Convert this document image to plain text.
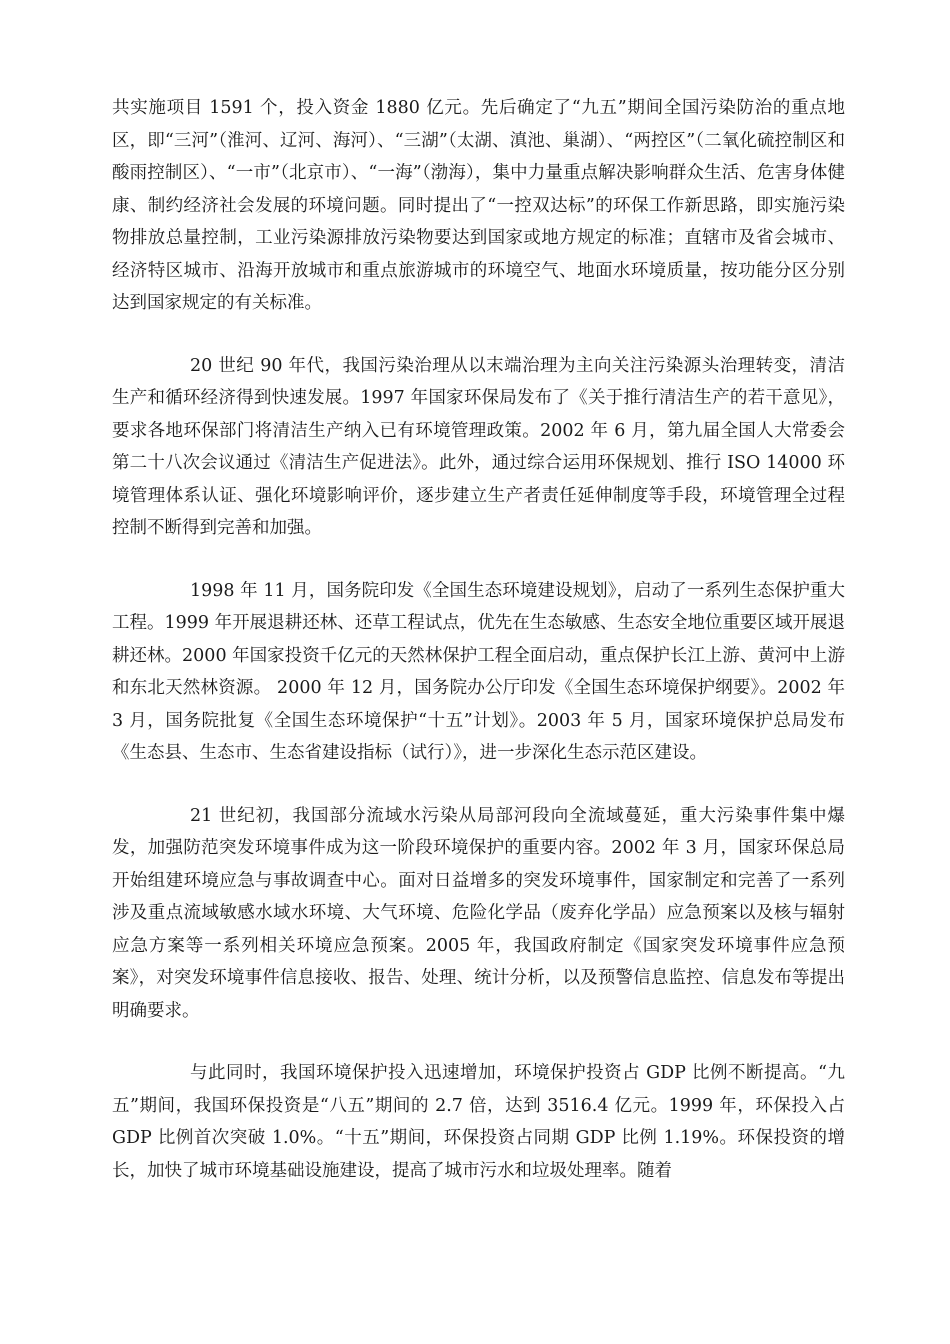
共实施项目 1591 个，投入资金 1880 亿元。先后确定了“九五”期间全国污染防治的重点地区，即“三河”（淮河、辽河、海河）、“三湖”（太湖、滇池、巢湖）、“两控区”（二氧化硫控制区和酸雨控制区）、“一市”（北京市）、“一海”（渤海），集中力量重点解决影响群众生活、危害身体健康、制约经济社会发展的环境问题。同时提出了“一控双达标”的环保工作新思路，即实施污染物排放总量控制，工业污染源排放污染物要达到国家或地方规定的标准；直辖市及省会城市、经济特区城市、沿海开放城市和重点旅游城市的环境空气、地面水环境质量，按功能分区分别达到国家规定的有关标准。

20 世纪 90 年代，我国污染治理从以末端治理为主向关注污染源头治理转变，清洁生产和循环经济得到快速发展。1997 年国家环保局发布了《关于推行清洁生产的若干意见》，要求各地环保部门将清洁生产纳入已有环境管理政策。2002 年 6 月，第九届全国人大常委会第二十八次会议通过《清洁生产促进法》。此外，通过综合运用环保规划、推行 ISO 14000 环境管理体系认证、强化环境影响评价，逐步建立生产者责任延伸制度等手段，环境管理全过程控制不断得到完善和加强。

1998 年 11 月，国务院印发《全国生态环境建设规划》，启动了一系列生态保护重大工程。1999 年开展退耕还林、还草工程试点，优先在生态敏感、生态安全地位重要区域开展退耕还林。2000 年国家投资千亿元的天然林保护工程全面启动，重点保护长江上游、黄河中上游和东北天然林资源。 2000 年 12 月，国务院办公厅印发《全国生态环境保护纲要》。2002 年 3 月，国务院批复《全国生态环境保护“十五”计划》。2003 年 5 月，国家环境保护总局发布《生态县、生态市、生态省建设指标（试行）》，进一步深化生态示范区建设。

21 世纪初，我国部分流域水污染从局部河段向全流域蔓延，重大污染事件集中爆发，加强防范突发环境事件成为这一阶段环境保护的重要内容。2002 年 3 月，国家环保总局开始组建环境应急与事故调查中心。面对日益增多的突发环境事件，国家制定和完善了一系列涉及重点流域敏感水域水环境、大气环境、危险化学品（废弃化学品）应急预案以及核与辐射应急方案等一系列相关环境应急预案。2005 年，我国政府制定《国家突发环境事件应急预案》，对突发环境事件信息接收、报告、处理、统计分析，以及预警信息监控、信息发布等提出明确要求。

与此同时，我国环境保护投入迅速增加，环境保护投资占 GDP 比例不断提高。“九五”期间，我国环保投资是“八五”期间的 2.7 倍，达到 3516.4 亿元。1999 年，环保投入占 GDP 比例首次突破 1.0%。“十五”期间，环保投资占同期 GDP 比例 1.19%。环保投资的增长，加快了城市环境基础设施建设，提高了城市污水和垃圾处理率。随着
